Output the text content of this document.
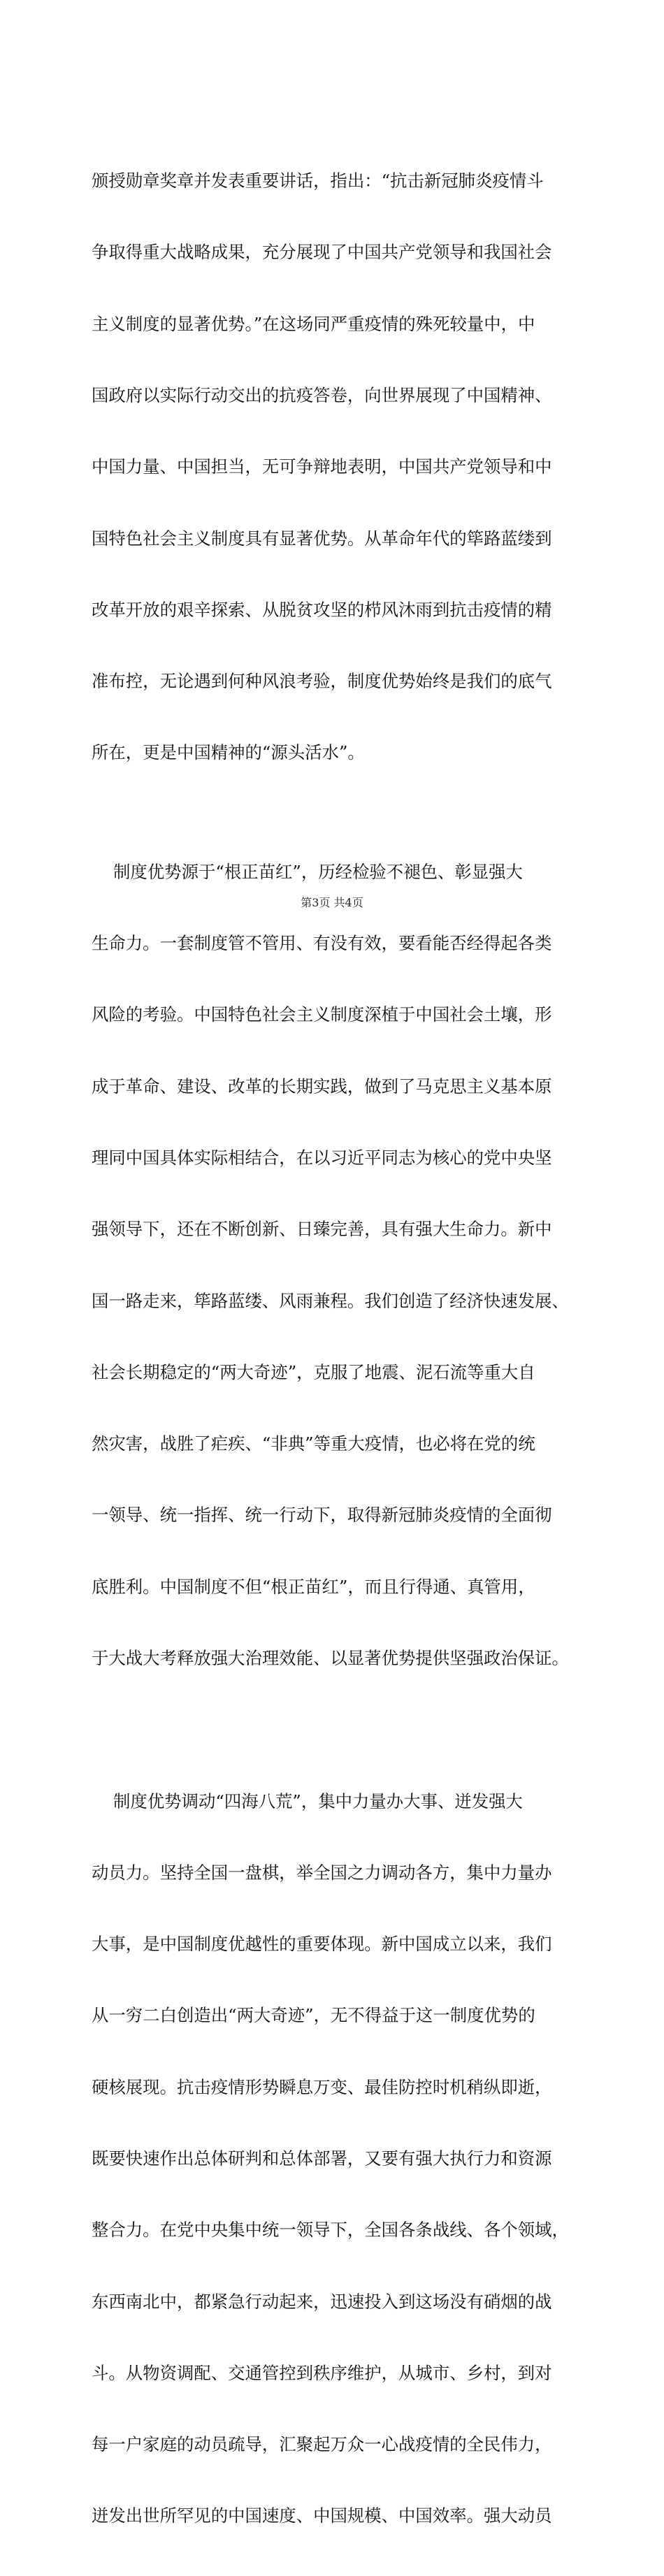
颁授勋章奖章并发表重要讲话，指出：“抗击新冠肺炎疫情斗

争取得重大战略成果，充分展现了中国共产党领导和我国社会

主义制度的显著优势。”在这场同严重疫情的殊死较量中，中

国政府以实际行动交出的抗疫答卷，向世界展现了中国精神、

中国力量、中国担当，无可争辩地表明，中国共产党领导和中

国特色社会主义制度具有显著优势。从革命年代的筚路蓝缕到

改革开放的艰辛探索、从脱贫攻坚的栉风沐雨到抗击疫情的精

准布控，无论遇到何种风浪考验，制度优势始终是我们的底气

所在，更是中国精神的“源头活水”。

制度优势源于“根正苗红”，历经检验不褪色、彰显强大

生命力。一套制度管不管用、有没有效，要看能否经得起各类

风险的考验。中国特色社会主义制度深植于中国社会土壤，形

成于革命、建设、改革的长期实践，做到了马克思主义基本原

理同中国具体实际相结合，在以习近平同志为核心的党中央坚

强领导下，还在不断创新、日臻完善，具有强大生命力。新中

国一路走来，筚路蓝缕、风雨兼程。我们创造了经济快速发展、

社会长期稳定的“两大奇迹”，克服了地震、泥石流等重大自

然灾害，战胜了疟疾、“非典”等重大疫情，也必将在党的统

一领导、统一指挥、统一行动下，取得新冠肺炎疫情的全面彻

底胜利。中国制度不但“根正苗红”，而且行得通、真管用，

于大战大考释放强大治理效能、以显著优势提供坚强政治保证。

制度优势调动“四海八荒”，集中力量办大事、迸发强大

动员力。坚持全国一盘棋，举全国之力调动各方，集中力量办

大事，是中国制度优越性的重要体现。新中国成立以来，我们

从一穷二白创造出“两大奇迹”，无不得益于这一制度优势的

硬核展现。抗击疫情形势瞬息万变、最佳防控时机稍纵即逝，

既要快速作出总体研判和总体部署，又要有强大执行力和资源

整合力。在党中央集中统一领导下，全国各条战线、各个领域，

东西南北中，都紧急行动起来，迅速投入到这场没有硝烟的战

斗。从物资调配、交通管控到秩序维护，从城市、乡村，到对

每一户家庭的动员疏导，汇聚起万众一心战疫情的全民伟力，

迸发出世所罕见的中国速度、中国规模、中国效率。强大动员

第3页 共4页
